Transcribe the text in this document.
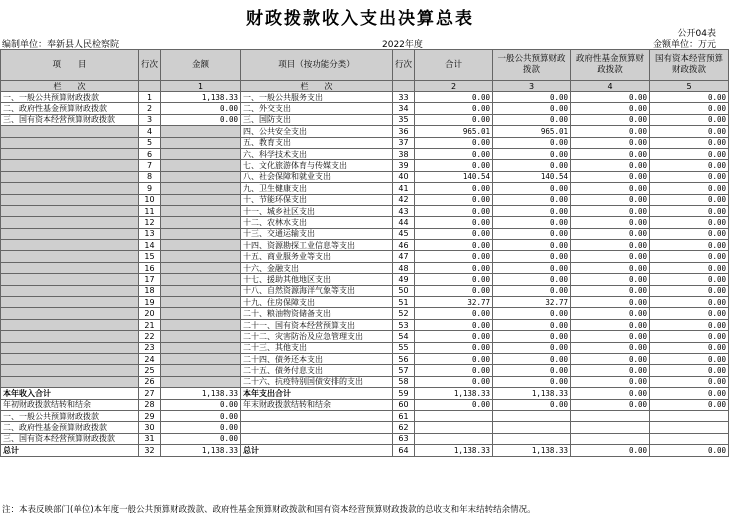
财政拨款收入支出决算总表
公开04表
编制单位：奉新县人民检察院	2022年度	金额单位：万元
项　　目	行次	金额	项目（按功能分类）	行次	合计	一般公共预算财政拨款	政府性基金预算财政拨款	国有资本经营预算财政拨款
栏　　次		1	栏　　次		2	3	4	5
一、一般公共预算财政拨款	1	1,138.33	一、一般公共服务支出	33	0.00	0.00	0.00	0.00
二、政府性基金预算财政拨款	2	0.00	二、外交支出	34	0.00	0.00	0.00	0.00
三、国有资本经营预算财政拨款	3	0.00	三、国防支出	35	0.00	0.00	0.00	0.00
	4		四、公共安全支出	36	965.01	965.01	0.00	0.00
	5		五、教育支出	37	0.00	0.00	0.00	0.00
	6		六、科学技术支出	38	0.00	0.00	0.00	0.00
	7		七、文化旅游体育与传媒支出	39	0.00	0.00	0.00	0.00
	8		八、社会保障和就业支出	40	140.54	140.54	0.00	0.00
	9		九、卫生健康支出	41	0.00	0.00	0.00	0.00
	10		十、节能环保支出	42	0.00	0.00	0.00	0.00
	11		十一、城乡社区支出	43	0.00	0.00	0.00	0.00
	12		十二、农林水支出	44	0.00	0.00	0.00	0.00
	13		十三、交通运输支出	45	0.00	0.00	0.00	0.00
	14		十四、资源勘探工业信息等支出	46	0.00	0.00	0.00	0.00
	15		十五、商业服务业等支出	47	0.00	0.00	0.00	0.00
	16		十六、金融支出	48	0.00	0.00	0.00	0.00
	17		十七、援助其他地区支出	49	0.00	0.00	0.00	0.00
	18		十八、自然资源海洋气象等支出	50	0.00	0.00	0.00	0.00
	19		十九、住房保障支出	51	32.77	32.77	0.00	0.00
	20		二十、粮油物资储备支出	52	0.00	0.00	0.00	0.00
	21		二十一、国有资本经营预算支出	53	0.00	0.00	0.00	0.00
	22		二十二、灾害防治及应急管理支出	54	0.00	0.00	0.00	0.00
	23		二十三、其他支出	55	0.00	0.00	0.00	0.00
	24		二十四、债务还本支出	56	0.00	0.00	0.00	0.00
	25		二十五、债务付息支出	57	0.00	0.00	0.00	0.00
	26		二十六、抗疫特别国债安排的支出	58	0.00	0.00	0.00	0.00
本年收入合计	27	1,138.33	本年支出合计	59	1,138.33	1,138.33	0.00	0.00
年初财政拨款结转和结余	28	0.00	年末财政拨款结转和结余	60	0.00	0.00	0.00	0.00
一、一般公共预算财政拨款	29	0.00		61				
二、政府性基金预算财政拨款	30	0.00		62				
三、国有资本经营预算财政拨款	31	0.00		63				
总计	32	1,138.33	总计	64	1,138.33	1,138.33	0.00	0.00
注：本表反映部门(单位)本年度一般公共预算财政拨款、政府性基金预算财政拨款和国有资本经营预算财政拨款的总收支和年末结转结余情况。
